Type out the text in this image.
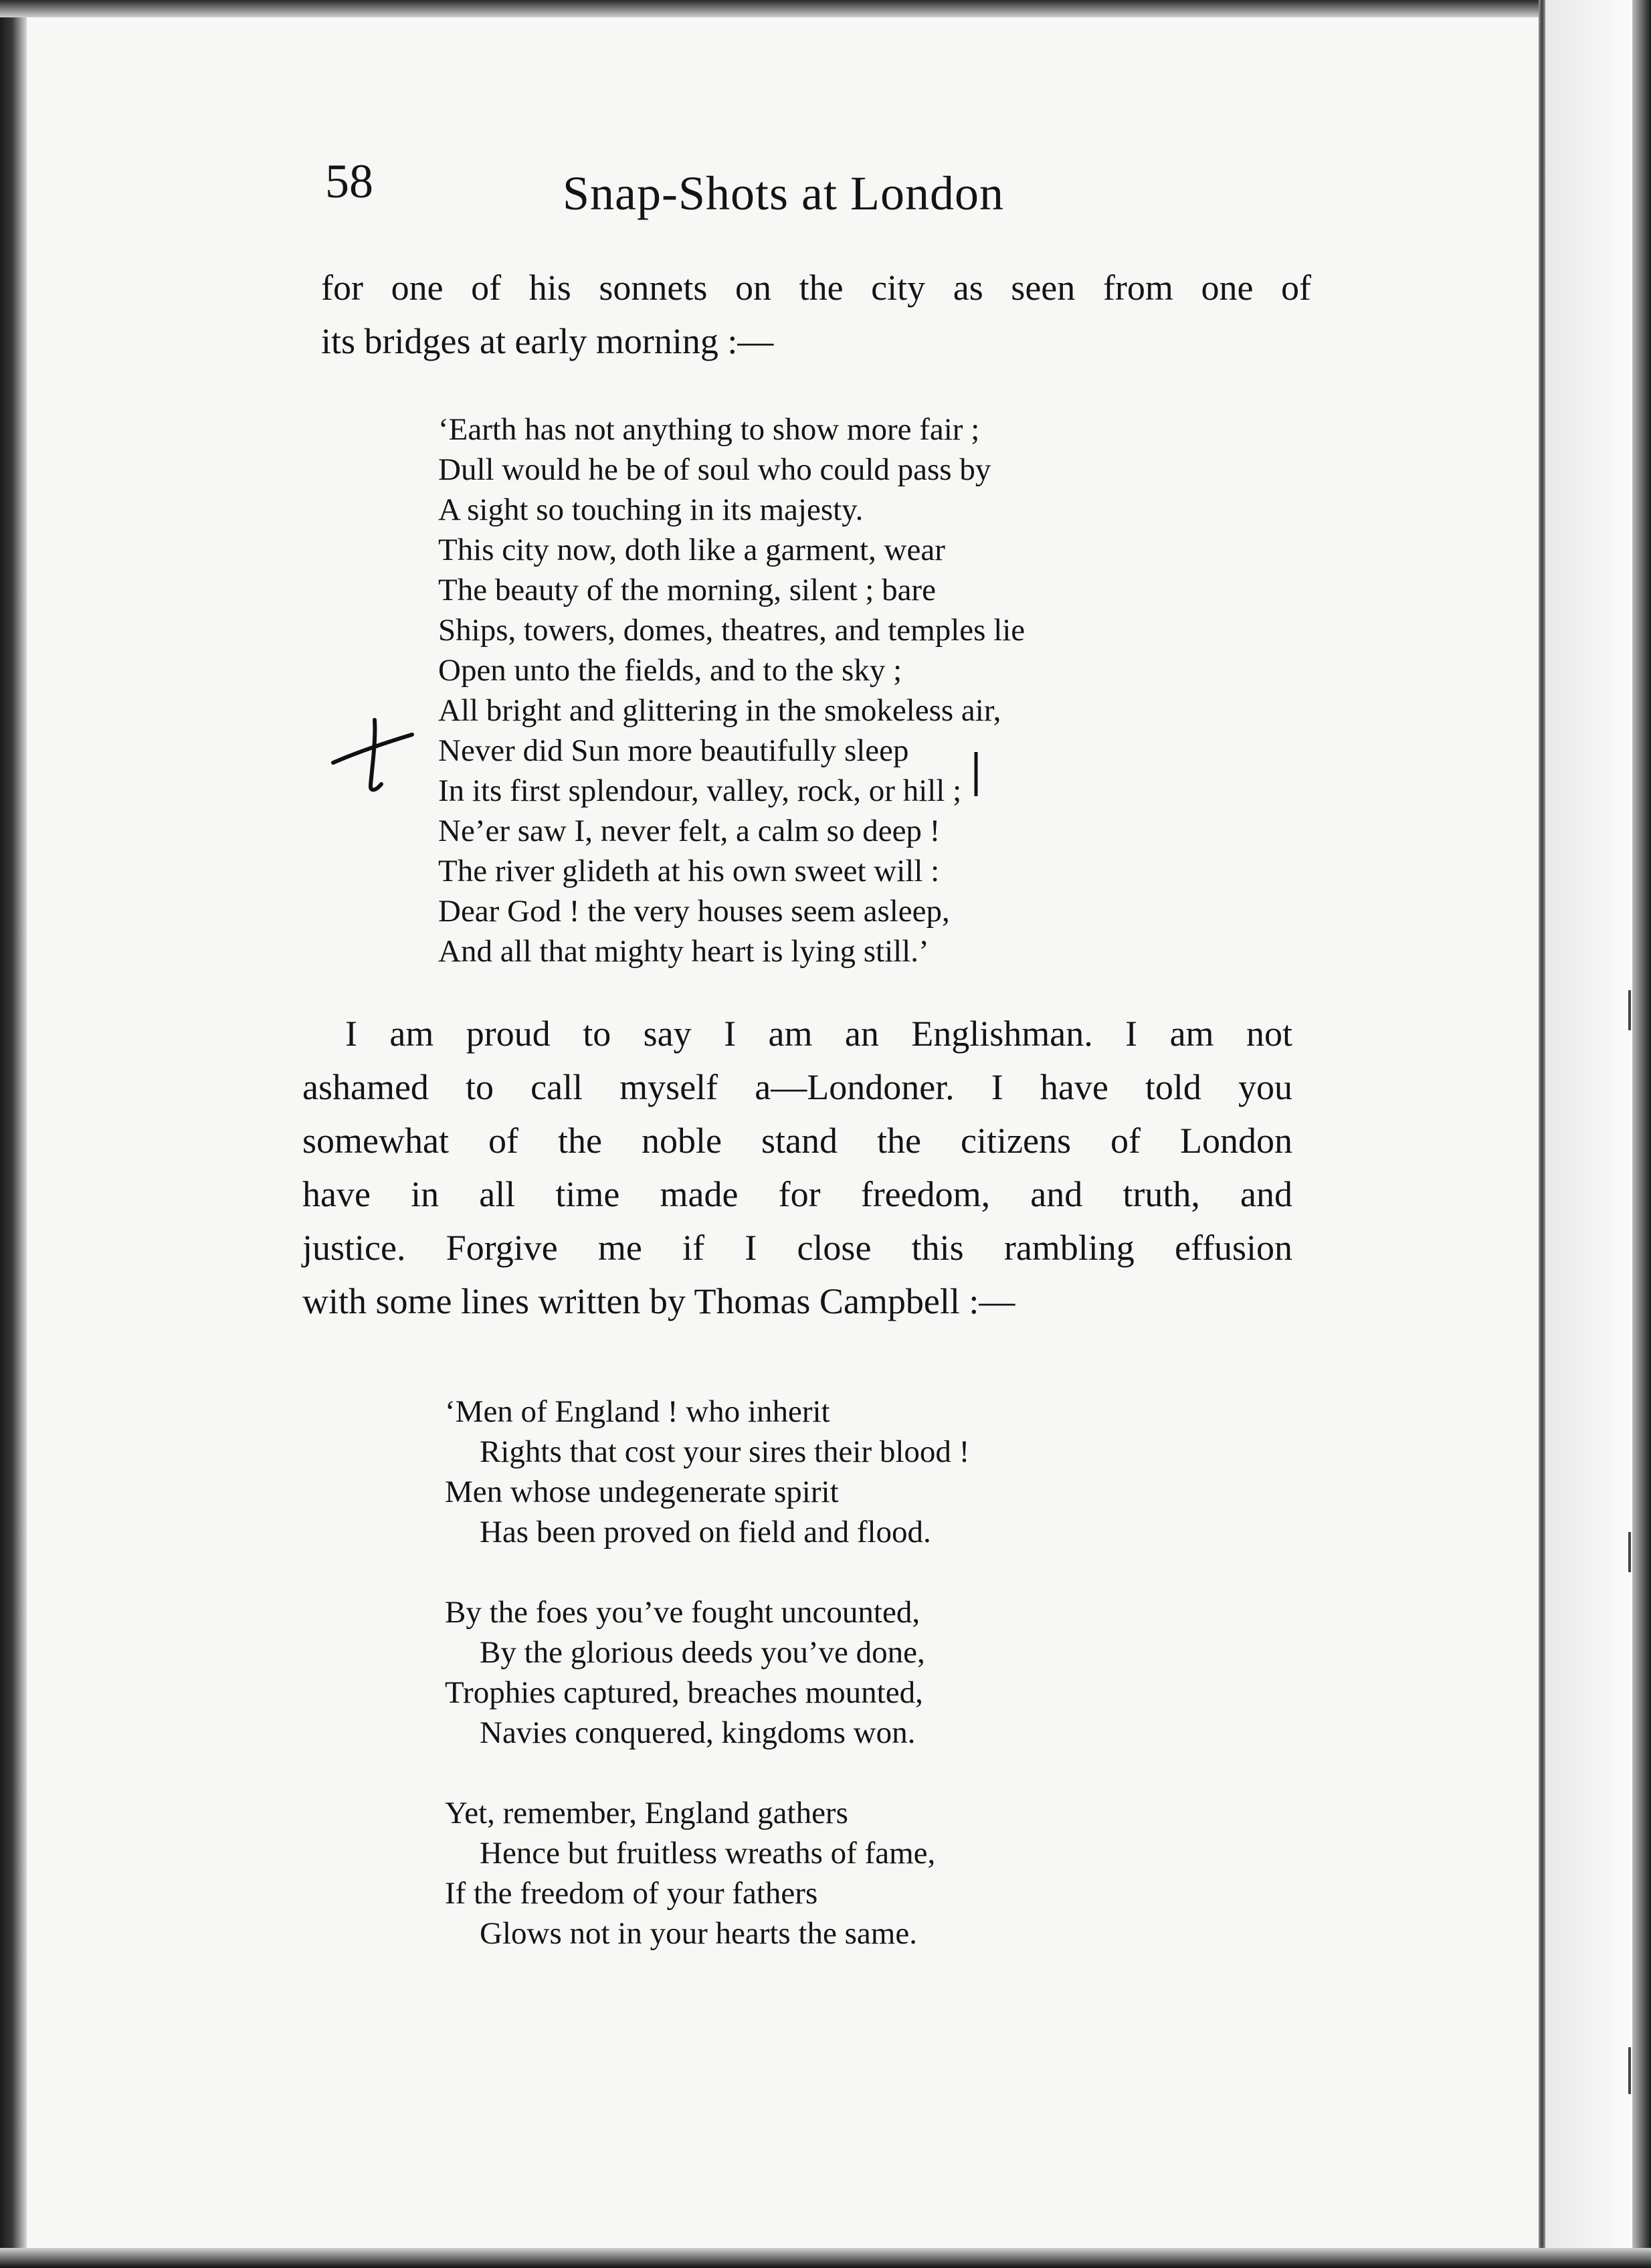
58	Snap-Shots at London
for one of his sonnets on the city as seen from one of
its bridges at early morning :—
‘Earth has not anything to show more fair ;
Dull would he be of soul who could pass by
A sight so touching in its majesty.
This city now, doth like a garment, wear
The beauty of the morning, silent ; bare
Ships, towers, domes, theatres, and temples lie
Open unto the fields, and to the sky ;
All bright and glittering in the smokeless air,
Never did Sun more beautifully sleep
In its first splendour, valley, rock, or hill ;
Ne’er saw I, never felt, a calm so deep !
The river glideth at his own sweet will :
Dear God ! the very houses seem asleep,
And all that mighty heart is lying still.’
I am proud to say I am an Englishman. I am not
ashamed to call myself a—Londoner. I have told you
somewhat of the noble stand the citizens of London
have in all time made for freedom, and truth, and
justice. Forgive me if I close this rambling effusion
with some lines written by Thomas Campbell :—
‘Men of England ! who inherit
Rights that cost your sires their blood !
Men whose undegenerate spirit
Has been proved on field and flood.
By the foes you’ve fought uncounted,
By the glorious deeds you’ve done,
Trophies captured, breaches mounted,
Navies conquered, kingdoms won.
Yet, remember, England gathers
Hence but fruitless wreaths of fame,
If the freedom of your fathers
Glows not in your hearts the same.
